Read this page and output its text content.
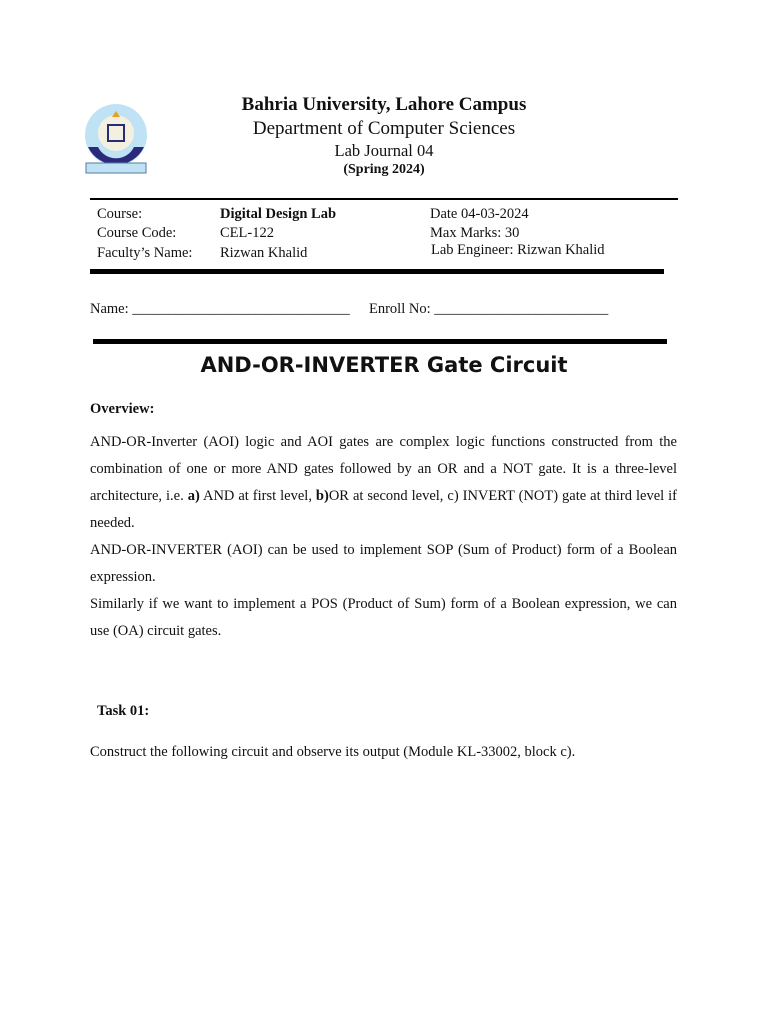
Bahria University, Lahore Campus
Department of Computer Sciences
Lab Journal 04
(Spring 2024)
Course:	Digital Design Lab	Date 04-03-2024
Course Code:	CEL-122	Max Marks: 30
Faculty’s Name: Rizwan Khalid	Lab Engineer: Rizwan Khalid
Name: ______________________________ Enroll No: ________________________
AND-OR-INVERTER Gate Circuit
Overview:
AND-OR-Inverter (AOI) logic and AOI gates are complex logic functions constructed from the combination of one or more AND gates followed by an OR and a NOT gate. It is a three-level architecture, i.e. a) AND at first level, b)OR at second level, c) INVERT (NOT) gate at third level if needed.
AND-OR-INVERTER (AOI) can be used to implement SOP (Sum of Product) form of a Boolean expression.
Similarly if we want to implement a POS (Product of Sum) form of a Boolean expression, we can use (OA) circuit gates.
Task 01:
Construct the following circuit and observe its output (Module KL-33002, block c).
